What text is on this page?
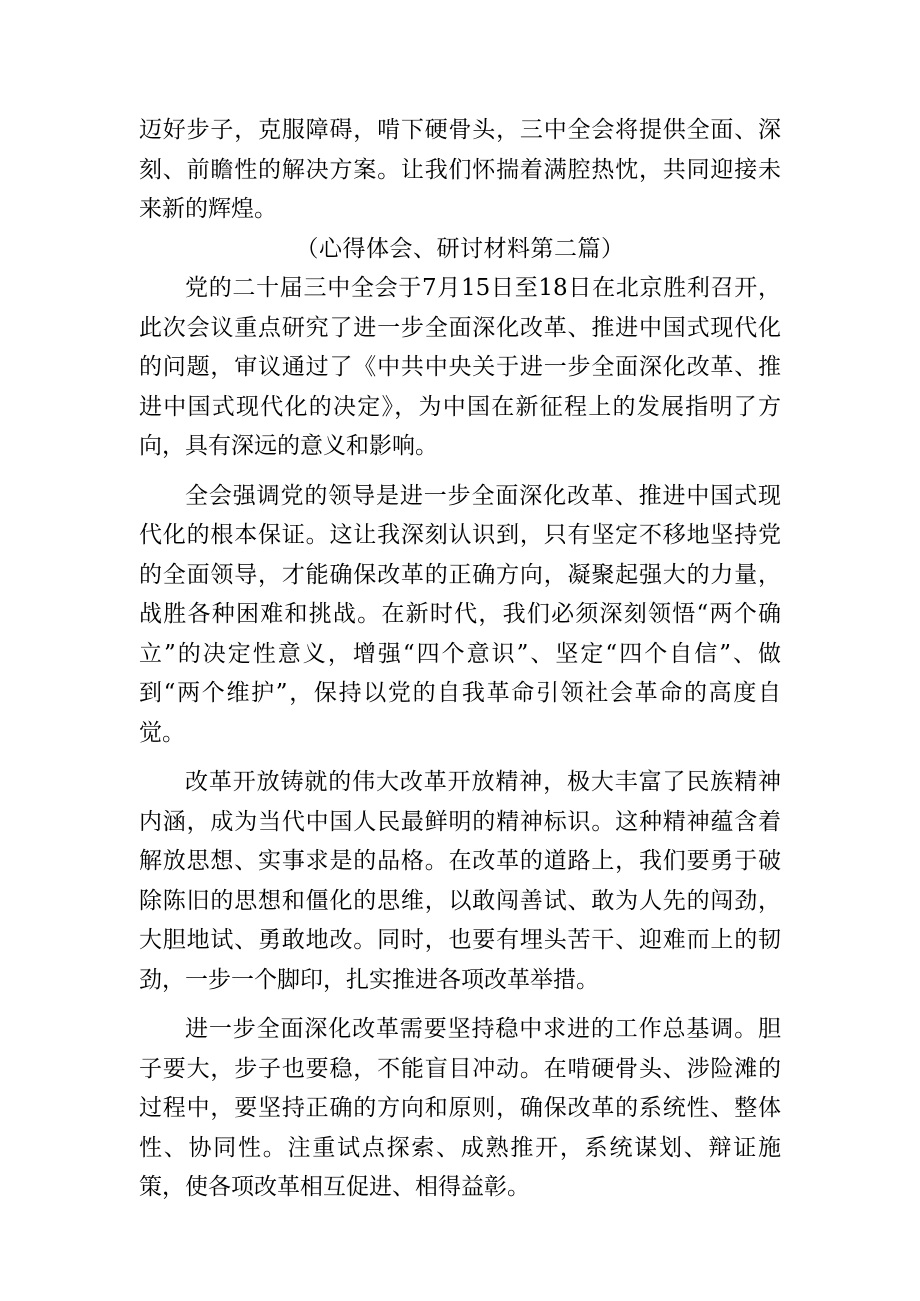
迈好步子，克服障碍，啃下硬骨头，三中全会将提供全面、深刻、前瞻性的解决方案。让我们怀揣着满腔热忱，共同迎接未来新的辉煌。

（心得体会、研讨材料第二篇）

党的二十届三中全会于7月15日至18日在北京胜利召开，此次会议重点研究了进一步全面深化改革、推进中国式现代化的问题，审议通过了《中共中央关于进一步全面深化改革、推进中国式现代化的决定》，为中国在新征程上的发展指明了方向，具有深远的意义和影响。

全会强调党的领导是进一步全面深化改革、推进中国式现代化的根本保证。这让我深刻认识到，只有坚定不移地坚持党的全面领导，才能确保改革的正确方向，凝聚起强大的力量，战胜各种困难和挑战。在新时代，我们必须深刻领悟“两个确立”的决定性意义，增强“四个意识”、坚定“四个自信”、做到“两个维护”，保持以党的自我革命引领社会革命的高度自觉。

改革开放铸就的伟大改革开放精神，极大丰富了民族精神内涵，成为当代中国人民最鲜明的精神标识。这种精神蕴含着解放思想、实事求是的品格。在改革的道路上，我们要勇于破除陈旧的思想和僵化的思维，以敢闯善试、敢为人先的闯劲，大胆地试、勇敢地改。同时，也要有埋头苦干、迎难而上的韧劲，一步一个脚印，扎实推进各项改革举措。

进一步全面深化改革需要坚持稳中求进的工作总基调。胆子要大，步子也要稳，不能盲目冲动。在啃硬骨头、涉险滩的过程中，要坚持正确的方向和原则，确保改革的系统性、整体性、协同性。注重试点探索、成熟推开，系统谋划、辩证施策，使各项改革相互促进、相得益彰。
